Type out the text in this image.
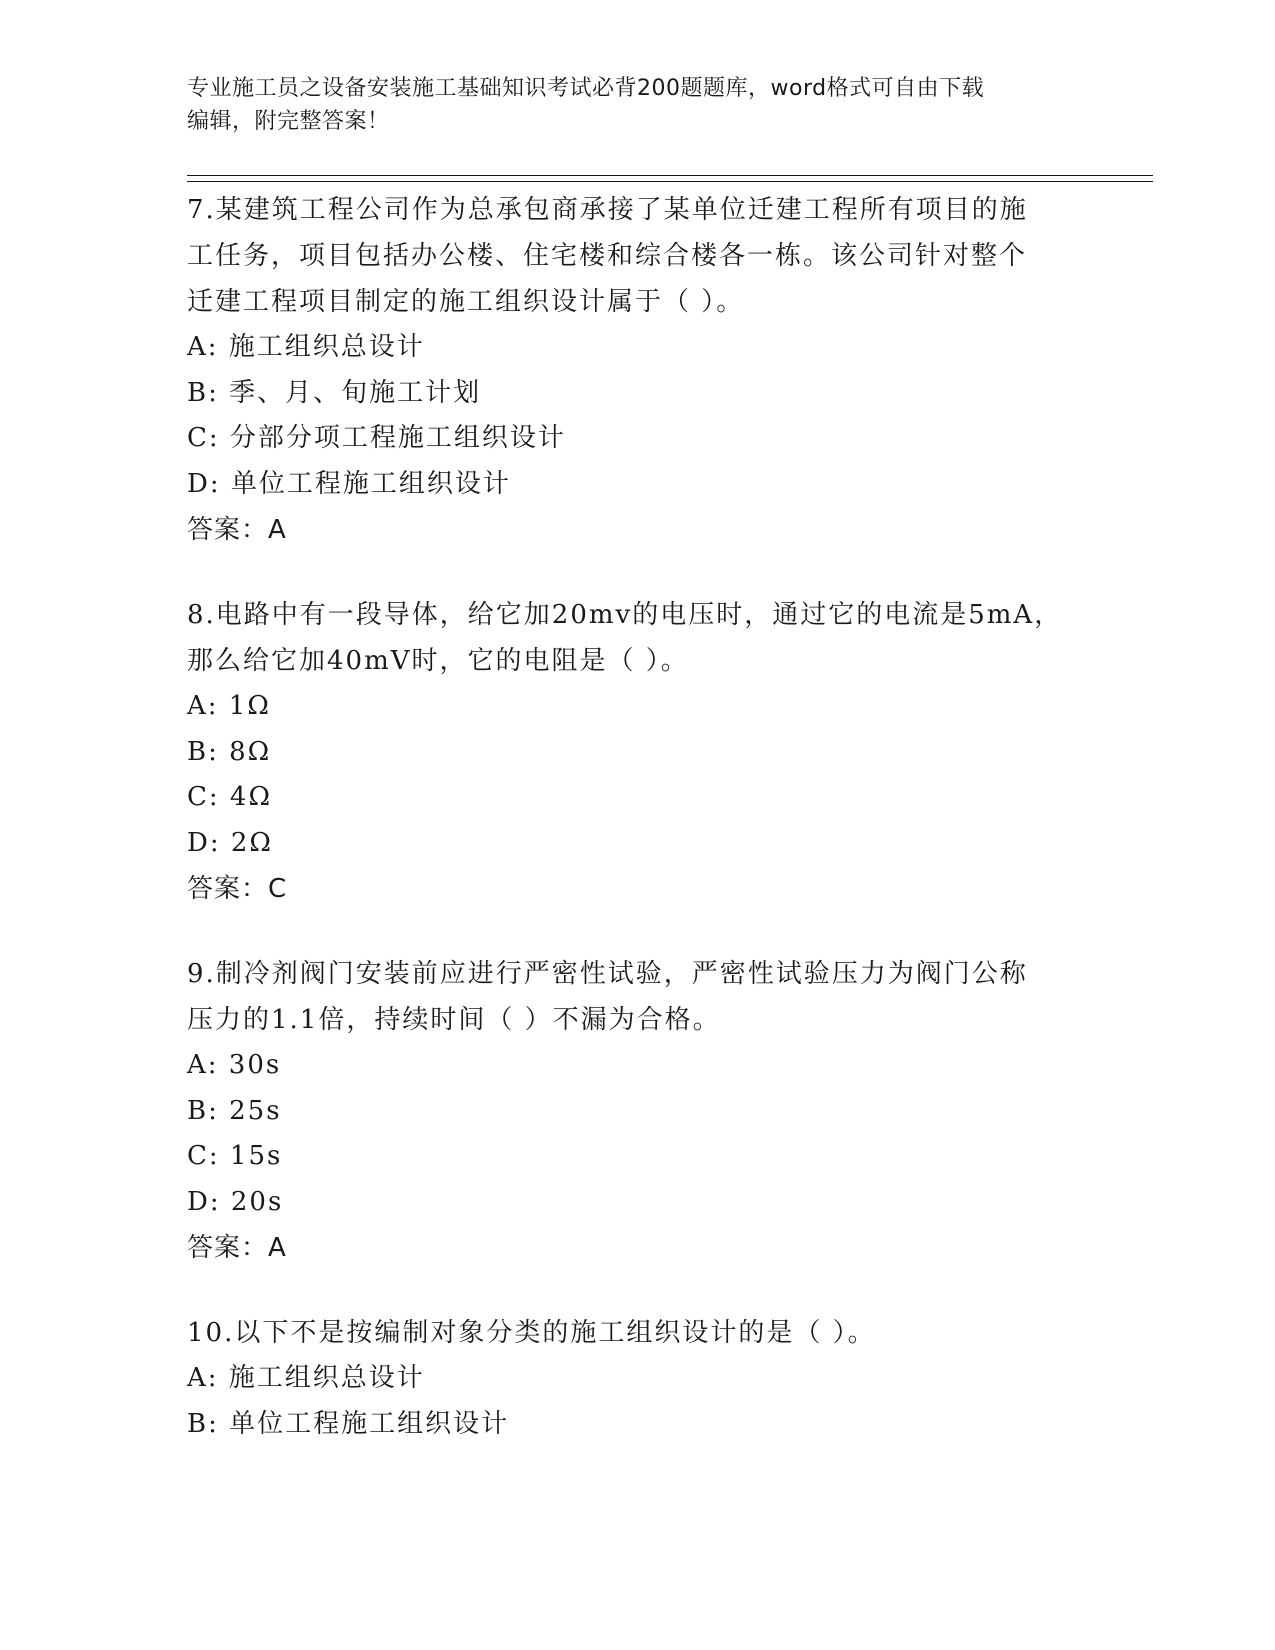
专业施工员之设备安装施工基础知识考试必背200题题库，word格式可自由下载
编辑，附完整答案！
7.某建筑工程公司作为总承包商承接了某单位迁建工程所有项目的施
工任务，项目包括办公楼、住宅楼和综合楼各一栋。该公司针对整个
迁建工程项目制定的施工组织设计属于（ ）。
A: 施工组织总设计
B: 季、月、旬施工计划
C: 分部分项工程施工组织设计
D: 单位工程施工组织设计
答案：A
8.电路中有一段导体，给它加20mv的电压时，通过它的电流是5mA，
那么给它加40mV时，它的电阻是（ ）。
A: 1Ω
B: 8Ω
C: 4Ω
D: 2Ω
答案：C
9.制冷剂阀门安装前应进行严密性试验，严密性试验压力为阀门公称
压力的1.1倍，持续时间（ ）不漏为合格。
A: 30s
B: 25s
C: 15s
D: 20s
答案：A
10.以下不是按编制对象分类的施工组织设计的是（ ）。
A: 施工组织总设计
B: 单位工程施工组织设计
